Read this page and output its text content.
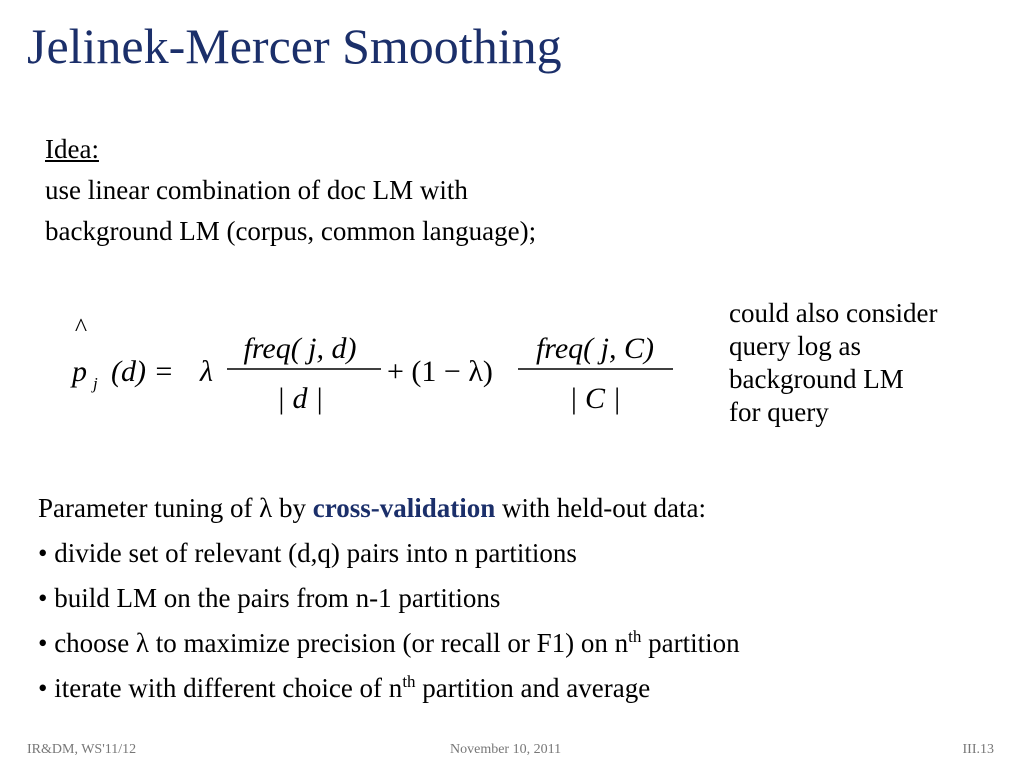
Jelinek-Mercer Smoothing
Idea:
use linear combination of doc LM with
background LM (corpus, common language);
^
p j (d) = λ
freq( j, d)
| d |
+ (1 − λ)
freq( j, C)
| C |
could also consider
query log as
background LM
for query
Parameter tuning of λ by cross-validation with held-out data:
• divide set of relevant (d,q) pairs into n partitions
• build LM on the pairs from n-1 partitions
• choose λ to maximize precision (or recall or F1) on $n^{th}$ partition
• iterate with different choice of $n^{th}$ partition and average
IR&DM, WS'11/12	November 10, 2011	III.13
